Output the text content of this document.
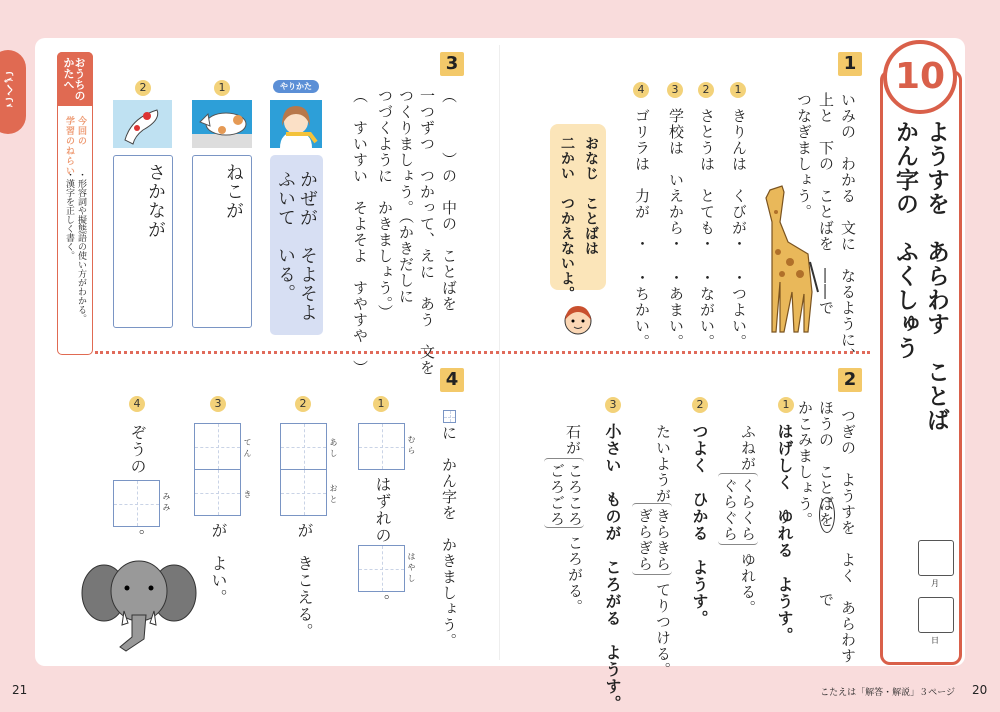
こくご	10
ようすを　あらわす　ことば
かん字の　ふくしゅう
月
日
1
いみの　わかる　文に　なるように、
上と　下の　ことばを　――で
つなぎましょう。
1
きりんは　くびが・
・つよい。
2
さとうは　とても・
・ながい。
3
学校は　いえから・
・あまい。
4
ゴリラは　力が　・
・ちかい。
おなじ　ことばは
二かい　つかえないよ。
2
つぎの　ようすを　よく　あらわす
ほうの　ことばを　　　　で
かこみましょう。
1
はげしく　ゆれる　ようす。
ふねが
くらくら
ぐらぐら
ゆれる。
2
つよく　ひかる　ようす。
たいようが
きらきら
ぎらぎら
てりつける。
3
小さい　ものが　ころがる　ようす。
石が
ころころ
ごろごろ
ころがる。
3
（　　　）の　中の　ことばを
一つずつ　つかって、えに　あう　文を
つくりましょう。（かきだしに
つづくように　かきましょう。）
（　すいすい　そよそよ　すやすや　）
やりかた
かぜが　そよそよ
ふいて　いる。
1
ねこが
2
さかなが
おうちのかたへ
今回の
学習のねらい
・形容詞や擬態語の使い方がわかる。
・漢字を正しく書く。
4
に　かん字を　かきましょう。
1
むら
はずれの
はやし
。
2
あし
おと
が
きこえる。
3
てん
き
が
よい。
4
ぞうの
みみ
。
21	こたえは「解答・解説」３ページ 20
